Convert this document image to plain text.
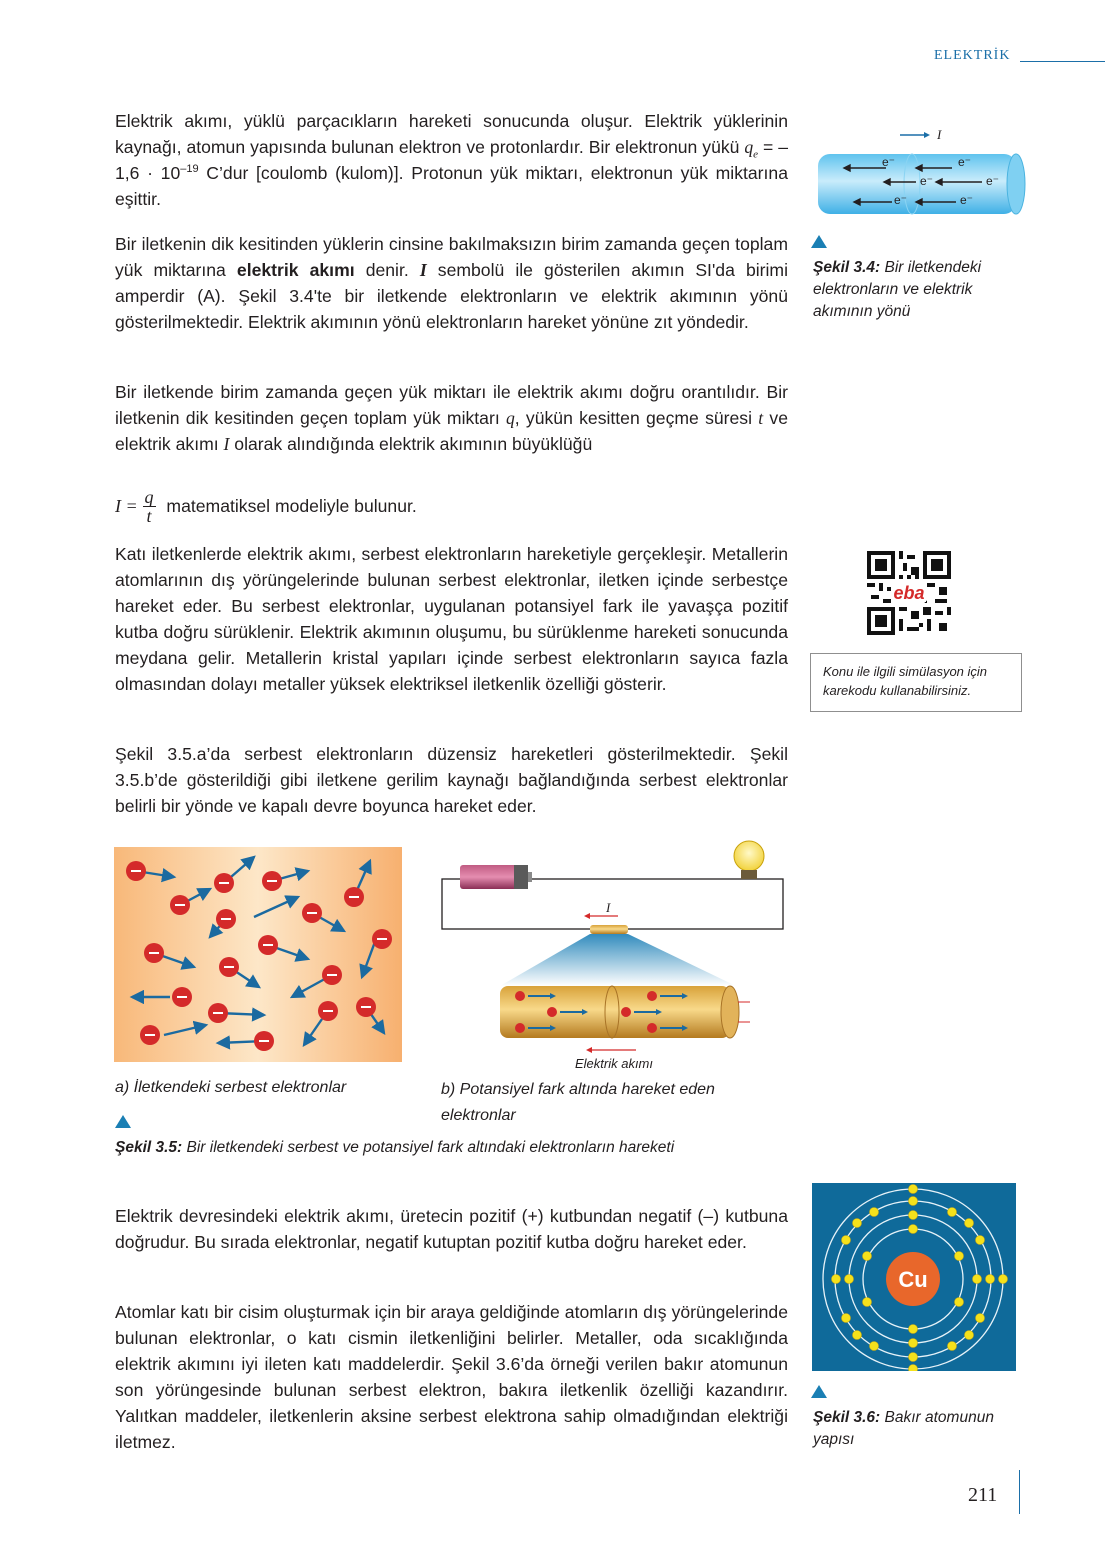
ELEKTRİK

Elektrik akımı, yüklü parçacıkların hareketi sonucunda oluşur. Elektrik yüklerinin kaynağı, atomun yapısında bulunan elektron ve protonlardır. Bir elektronun yükü $q_e = -1,6 \cdot 10^{-19}$ C’dur [coulomb (kulom)]. Protonun yük miktarı, elektronun yük miktarına eşittir.

Bir iletkenin dik kesitinden yüklerin cinsine bakılmaksızın birim zamanda geçen toplam yük miktarına elektrik akımı denir. I sembolü ile gösterilen akımın SI'da birimi amperdir (A). Şekil 3.4'te bir iletkende elektronların ve elektrik akımının yönü gösterilmektedir. Elektrik akımının yönü elektronların hareket yönüne zıt yöndedir.

Bir iletkende birim zamanda geçen yük miktarı ile elektrik akımı doğru orantılıdır. Bir iletkenin dik kesitinden geçen toplam yük miktarı q, yükün kesitten geçme süresi t ve elektrik akımı I olarak alındığında elektrik akımının büyüklüğü

$I = \frac{q}{t}$ matematiksel modeliyle bulunur.

Katı iletkenlerde elektrik akımı, serbest elektronların hareketiyle gerçekleşir. Metallerin atomlarının dış yörüngelerinde bulunan serbest elektronlar, iletken içinde serbestçe hareket eder. Bu serbest elektronlar, uygulanan potansiyel fark ile yavaşça pozitif kutba doğru sürüklenir. Elektrik akımının oluşumu, bu sürüklenme hareketi sonucunda meydana gelir. Metallerin kristal yapıları içinde serbest elektronların sayıca fazla olmasından dolayı metaller yüksek elektriksel iletkenlik özelliği gösterir.

Şekil 3.5.a’da serbest elektronların düzensiz hareketleri gösterilmektedir. Şekil 3.5.b’de gösterildiği gibi iletkene gerilim kaynağı bağlandığında serbest elektronlar belirli bir yönde ve kapalı devre boyunca hareket eder.

Elektrik devresindeki elektrik akımı, üretecin pozitif (+) kutbundan negatif (–) kutbuna doğrudur. Bu sırada elektronlar, negatif kutuptan pozitif kutba doğru hareket eder.

Atomlar katı bir cisim oluşturmak için bir araya geldiğinde atomların dış yörüngelerinde bulunan elektronlar, o katı cismin iletkenliğini belirler. Metaller, oda sıcaklığında elektrik akımını iyi ileten katı maddelerdir. Şekil 3.6’da örneği verilen bakır atomunun son yörüngesinde bulunan serbest elektron, bakıra iletkenlik özelliği kazandırır. Yalıtkan maddeler, iletkenlerin aksine serbest elektrona sahip olmadığından elektriği iletmez.

I
e⁻	e⁻
e⁻	e⁻
e⁻	e⁻
Şekil 3.4: Bir iletkendeki elektronların ve elektrik akımının yönü
eba
Konu ile ilgili simülasyon için karekodu kullanabilirsiniz.
a) İletkendeki serbest elektronlar
I
Elektrik akımı
b) Potansiyel fark altında hareket eden elektronlar
Şekil 3.5: Bir iletkendeki serbest ve potansiyel fark altındaki elektronların hareketi
Cu
Şekil 3.6: Bakır atomunun yapısı
211
